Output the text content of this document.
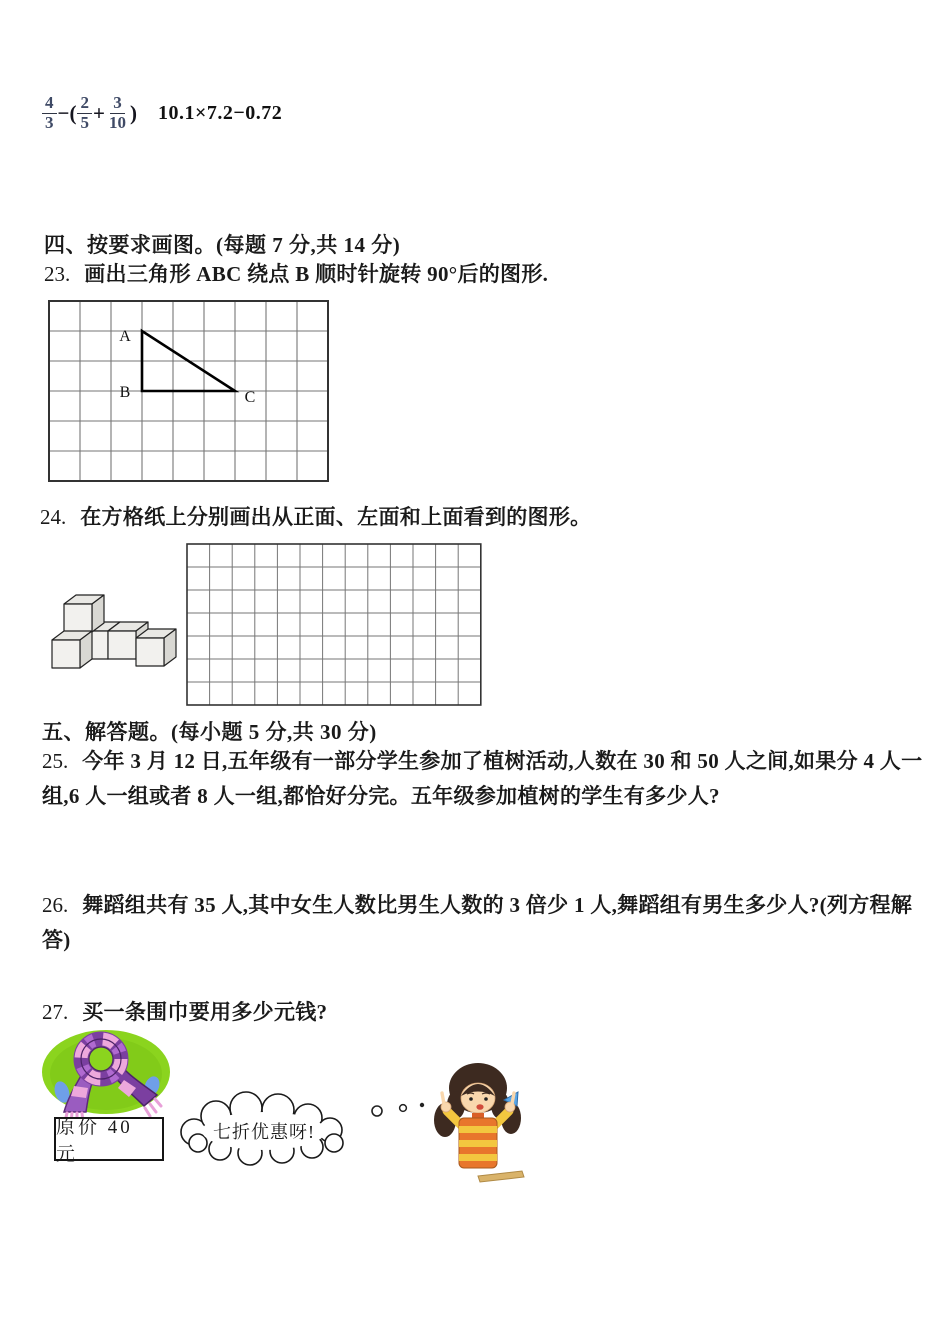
$\frac{4}{3}$ −( $\frac{2}{5} + \frac{3}{10}$ ) 10.1×7.2−0.72
四、按要求画图。(每题 7 分,共 14 分)
23. 画出三角形 ABC 绕点 B 顺时针旋转 90°后的图形.
A
B	C
24. 在方格纸上分别画出从正面、左面和上面看到的图形。
五、解答题。(每小题 5 分,共 30 分)
25. 今年 3 月 12 日,五年级有一部分学生参加了植树活动,人数在 30 和 50 人之间,如果分 4 人一组,6 人一组或者 8 人一组,都恰好分完。五年级参加植树的学生有多少人?
26. 舞蹈组共有 35 人,其中女生人数比男生人数的 3 倍少 1 人,舞蹈组有男生多少人?(列方程解答)
27. 买一条围巾要用多少元钱?
原价 40 元
七折优惠呀!
